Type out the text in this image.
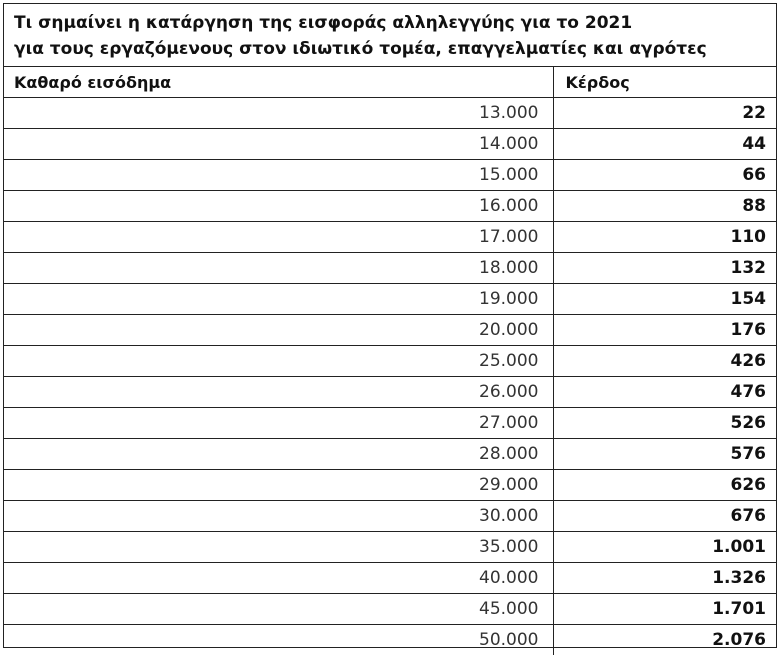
Τι σημαίνει η κατάργηση της εισφοράς αλληλεγγύης για το 2021
για τους εργαζόμενους στον ιδιωτικό τομέα, επαγγελματίες και αγρότες
Καθαρό εισόδημα	Κέρδος
13.000	22
14.000	44
15.000	66
16.000	88
17.000	110
18.000	132
19.000	154
20.000	176
25.000	426
26.000	476
27.000	526
28.000	576
29.000	626
30.000	676
35.000	1.001
40.000	1.326
45.000	1.701
50.000	2.076
